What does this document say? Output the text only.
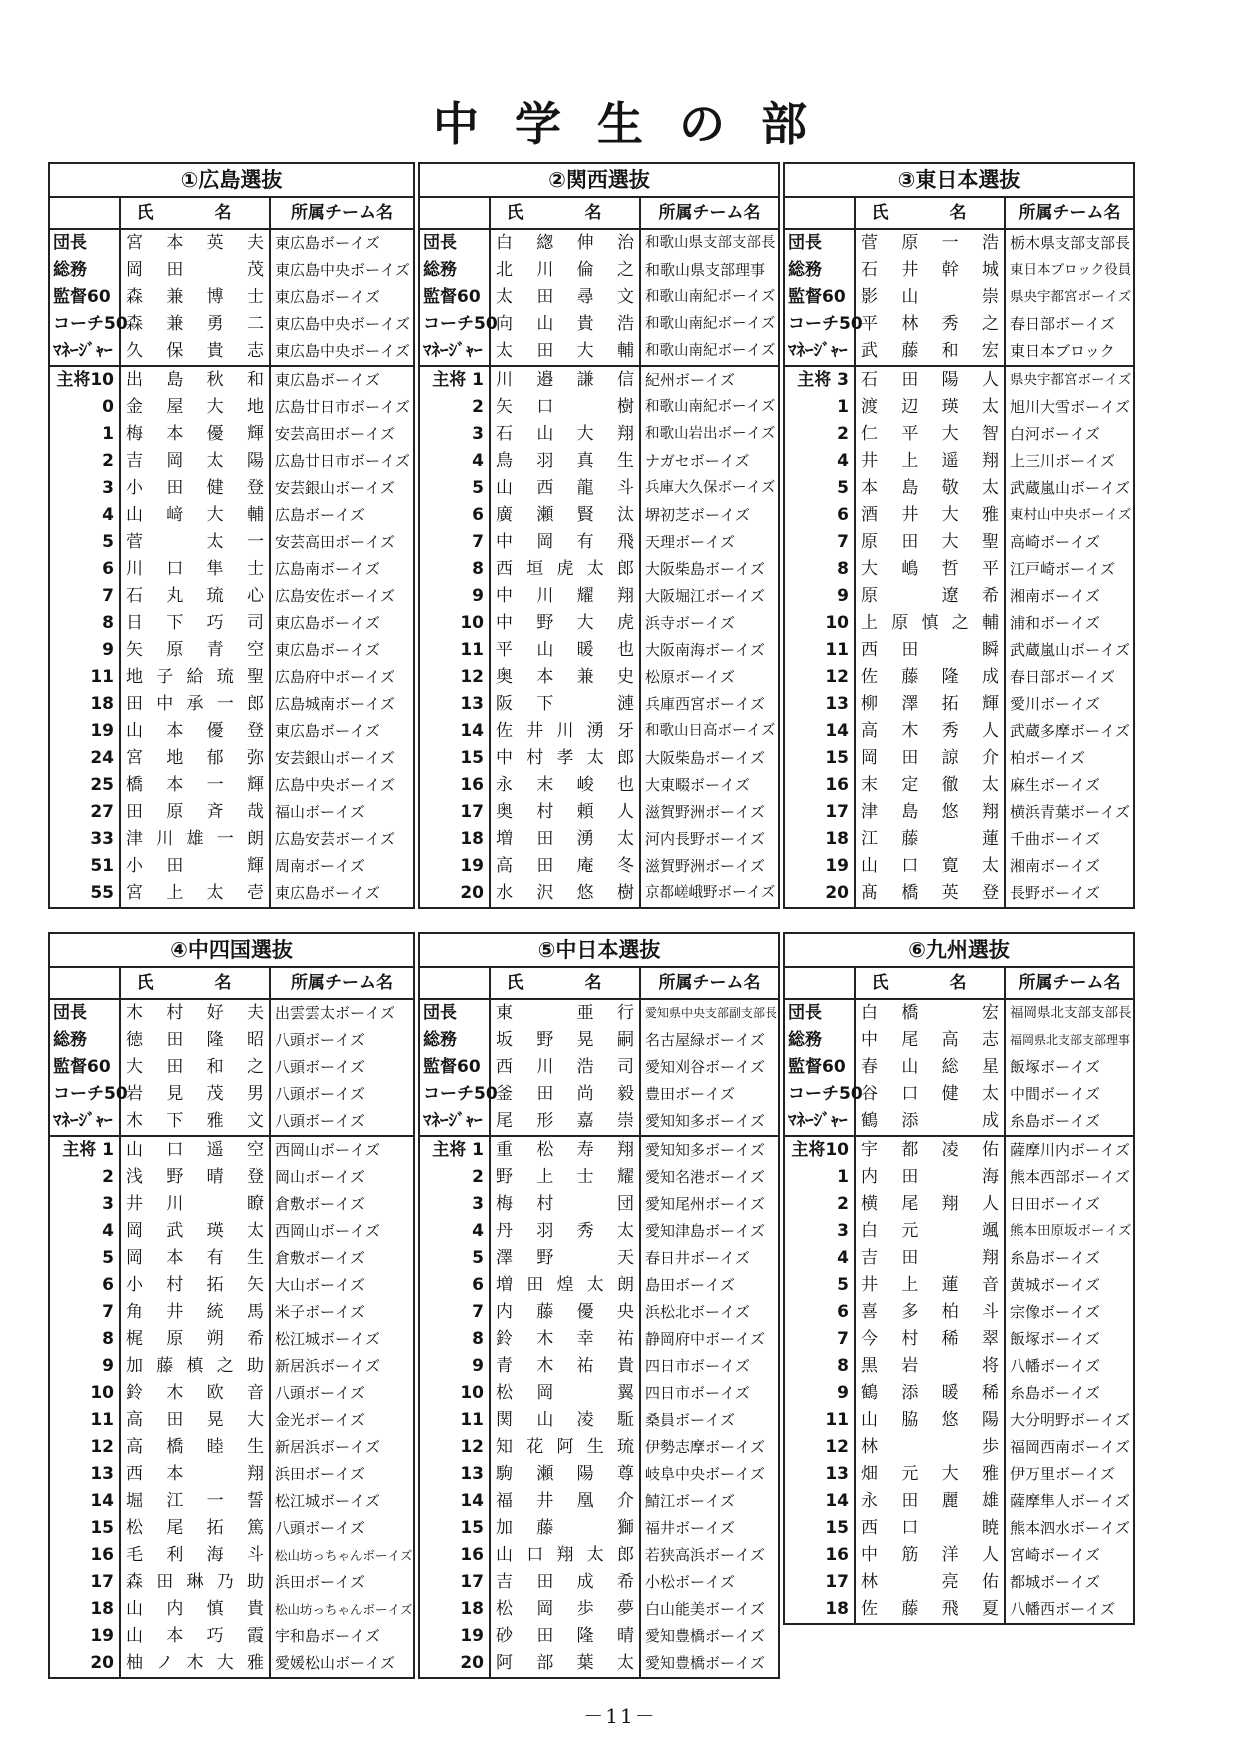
中学生の部
①広島選抜
	氏　名	所属チーム名
団長	宮本英夫	東広島ボーイズ
総務	岡田　茂	東広島中央ボーイズ
監督60	森兼博士	東広島ボーイズ
コーチ50	森兼勇二	東広島中央ボーイズ
ﾏﾈｰｼﾞｬｰ	久保貴志	東広島中央ボーイズ
主将10	出島秋和	東広島ボーイズ
0	金屋大地	広島廿日市ボーイズ
1	梅本優輝	安芸高田ボーイズ
2	吉岡太陽	広島廿日市ボーイズ
3	小田健登	安芸銀山ボーイズ
4	山﨑大輔	広島ボーイズ
5	菅　太一	安芸高田ボーイズ
6	川口隼士	広島南ボーイズ
7	石丸琉心	広島安佐ボーイズ
8	日下巧司	東広島ボーイズ
9	矢原青空	東広島ボーイズ
11	地子給琉聖	広島府中ボーイズ
18	田中承一郎	広島城南ボーイズ
19	山本優登	東広島ボーイズ
24	宮地郁弥	安芸銀山ボーイズ
25	橋本一輝	広島中央ボーイズ
27	田原斉哉	福山ボーイズ
33	津川雄一朗	広島安芸ボーイズ
51	小田　輝	周南ボーイズ
55	宮上太壱	東広島ボーイズ
②関西選抜
	氏　名	所属チーム名
団長	白緫伸治	和歌山県支部支部長
総務	北川倫之	和歌山県支部理事
監督60	太田尋文	和歌山南紀ボーイズ
コーチ50	向山貴浩	和歌山南紀ボーイズ
ﾏﾈｰｼﾞｬｰ	太田大輔	和歌山南紀ボーイズ
主将 1	川邉謙信	紀州ボーイズ
2	矢口　樹	和歌山南紀ボーイズ
3	石山大翔	和歌山岩出ボーイズ
4	鳥羽真生	ナガセボーイズ
5	山西龍斗	兵庫大久保ボーイズ
6	廣瀬賢汰	堺初芝ボーイズ
7	中岡有飛	天理ボーイズ
8	西垣虎太郎	大阪柴島ボーイズ
9	中川耀翔	大阪堀江ボーイズ
10	中野大虎	浜寺ボーイズ
11	平山暖也	大阪南海ボーイズ
12	奥本兼史	松原ボーイズ
13	阪下　漣	兵庫西宮ボーイズ
14	佐井川湧牙	和歌山日高ボーイズ
15	中村孝太郎	大阪柴島ボーイズ
16	永末峻也	大東畷ボーイズ
17	奥村頼人	滋賀野洲ボーイズ
18	増田湧太	河内長野ボーイズ
19	高田庵冬	滋賀野洲ボーイズ
20	水沢悠樹	京都嵯峨野ボーイズ
③東日本選抜
	氏　名	所属チーム名
団長	菅原一浩	栃木県支部支部長
総務	石井幹城	東日本ブロック役員
監督60	影山　崇	県央宇都宮ボーイズ
コーチ50	平林秀之	春日部ボーイズ
ﾏﾈｰｼﾞｬｰ	武藤和宏	東日本ブロック
主将 3	石田陽人	県央宇都宮ボーイズ
1	渡辺瑛太	旭川大雪ボーイズ
2	仁平大智	白河ボーイズ
4	井上遥翔	上三川ボーイズ
5	本島敬太	武蔵嵐山ボーイズ
6	酒井大雅	東村山中央ボーイズ
7	原田大聖	高崎ボーイズ
8	大嶋哲平	江戸崎ボーイズ
9	原　遼希	湘南ボーイズ
10	上原慎之輔	浦和ボーイズ
11	西田　瞬	武蔵嵐山ボーイズ
12	佐藤隆成	春日部ボーイズ
13	柳澤拓輝	愛川ボーイズ
14	高木秀人	武蔵多摩ボーイズ
15	岡田諒介	柏ボーイズ
16	末定徹太	麻生ボーイズ
17	津島悠翔	横浜青葉ボーイズ
18	江藤　蓮	千曲ボーイズ
19	山口寛太	湘南ボーイズ
20	髙橋英登	長野ボーイズ
④中四国選抜
	氏　名	所属チーム名
団長	木村好夫	出雲雲太ボーイズ
総務	徳田隆昭	八頭ボーイズ
監督60	大田和之	八頭ボーイズ
コーチ50	岩見茂男	八頭ボーイズ
ﾏﾈｰｼﾞｬｰ	木下雅文	八頭ボーイズ
主将 1	山口遥空	西岡山ボーイズ
2	浅野晴登	岡山ボーイズ
3	井川　瞭	倉敷ボーイズ
4	岡武瑛太	西岡山ボーイズ
5	岡本有生	倉敷ボーイズ
6	小村拓矢	大山ボーイズ
7	角井統馬	米子ボーイズ
8	梶原朔希	松江城ボーイズ
9	加藤槙之助	新居浜ボーイズ
10	鈴木欧音	八頭ボーイズ
11	高田晃大	金光ボーイズ
12	高橋睦生	新居浜ボーイズ
13	西本　翔	浜田ボーイズ
14	堀江一誓	松江城ボーイズ
15	松尾拓篤	八頭ボーイズ
16	毛利海斗	松山坊っちゃんボーイズ
17	森田琳乃助	浜田ボーイズ
18	山内慎貴	松山坊っちゃんボーイズ
19	山本巧霞	宇和島ボーイズ
20	柚ノ木大雅	愛媛松山ボーイズ
⑤中日本選抜
	氏　名	所属チーム名
団長	東　亜行	愛知県中央支部副支部長
総務	坂野晃嗣	名古屋緑ボーイズ
監督60	西川浩司	愛知刈谷ボーイズ
コーチ50	釜田尚毅	豊田ボーイズ
ﾏﾈｰｼﾞｬｰ	尾形嘉崇	愛知知多ボーイズ
主将 1	重松寿翔	愛知知多ボーイズ
2	野上士耀	愛知名港ボーイズ
3	梅村　団	愛知尾州ボーイズ
4	丹羽秀太	愛知津島ボーイズ
5	澤野　天	春日井ボーイズ
6	増田煌太朗	島田ボーイズ
7	内藤優央	浜松北ボーイズ
8	鈴木幸祐	静岡府中ボーイズ
9	青木祐貴	四日市ボーイズ
10	松岡　翼	四日市ボーイズ
11	関山凌駈	桑員ボーイズ
12	知花阿生琉	伊勢志摩ボーイズ
13	駒瀬陽尊	岐阜中央ボーイズ
14	福井凰介	鯖江ボーイズ
15	加藤　獅	福井ボーイズ
16	山口翔太郎	若狭高浜ボーイズ
17	吉田成希	小松ボーイズ
18	松岡歩夢	白山能美ボーイズ
19	砂田隆晴	愛知豊橋ボーイズ
20	阿部葉太	愛知豊橋ボーイズ
⑥九州選抜
	氏　名	所属チーム名
団長	白橋　宏	福岡県北支部支部長
総務	中尾高志	福岡県北支部支部理事
監督60	春山総星	飯塚ボーイズ
コーチ50	谷口健太	中間ボーイズ
ﾏﾈｰｼﾞｬｰ	鶴添　成	糸島ボーイズ
主将10	宇都凌佑	薩摩川内ボーイズ
1	内田　海	熊本西部ボーイズ
2	横尾翔人	日田ボーイズ
3	白元　颯	熊本田原坂ボーイズ
4	吉田　翔	糸島ボーイズ
5	井上蓮音	黄城ボーイズ
6	喜多柏斗	宗像ボーイズ
7	今村稀翠	飯塚ボーイズ
8	黒岩　将	八幡ボーイズ
9	鶴添暖稀	糸島ボーイズ
11	山脇悠陽	大分明野ボーイズ
12	林　歩	福岡西南ボーイズ
13	畑元大雅	伊万里ボーイズ
14	永田麗雄	薩摩隼人ボーイズ
15	西口　暁	熊本泗水ボーイズ
16	中筋洋人	宮崎ボーイズ
17	林　亮佑	都城ボーイズ
18	佐藤飛夏	八幡西ボーイズ
－11－
